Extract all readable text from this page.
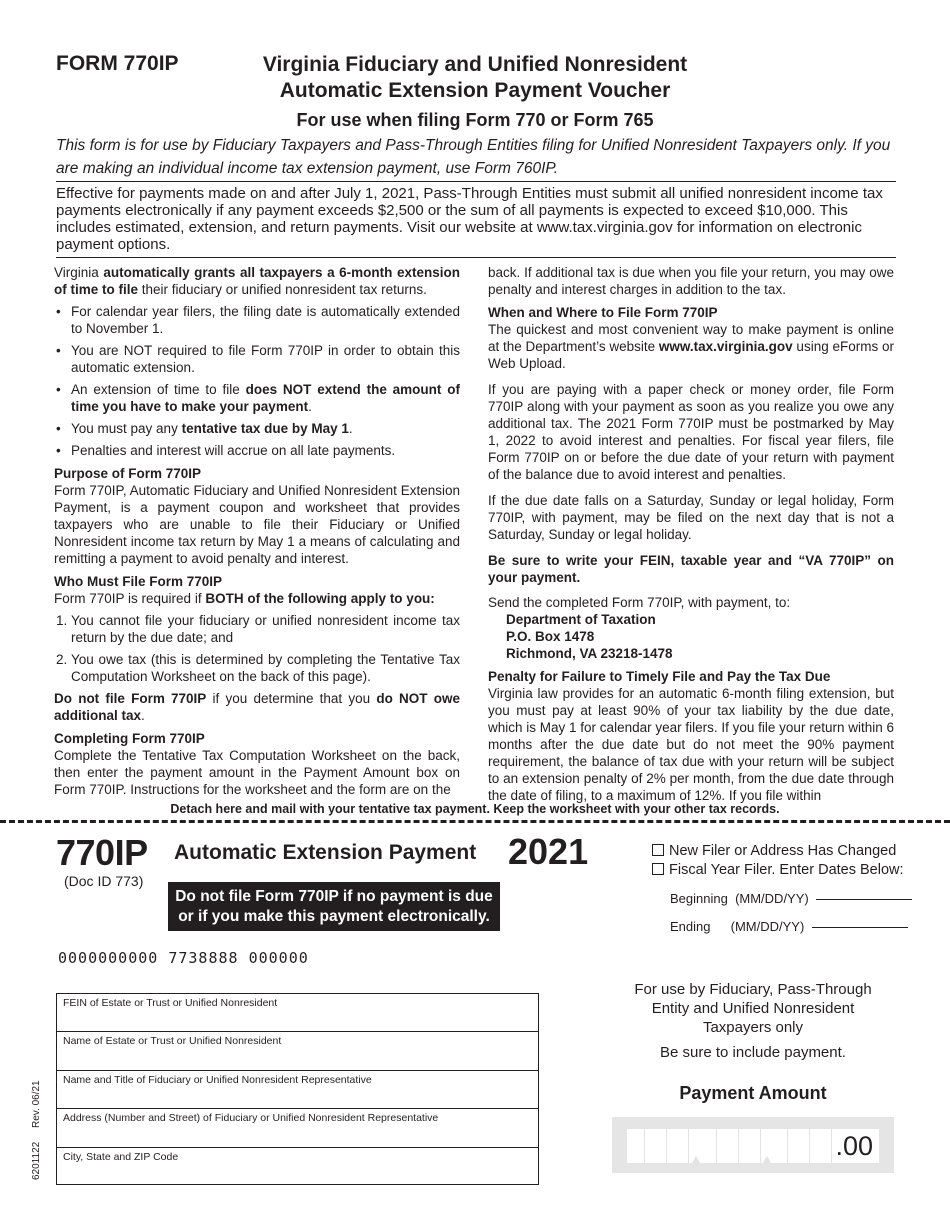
FORM 770IP	Virginia Fiduciary and Unified Nonresident
Automatic Extension Payment Voucher
For use when filing Form 770 or Form 765
This form is for use by Fiduciary Taxpayers and Pass-Through Entities filing for Unified Nonresident Taxpayers only. If you are making an individual income tax extension payment, use Form 760IP.
Effective for payments made on and after July 1, 2021, Pass-Through Entities must submit all unified nonresident income tax payments electronically if any payment exceeds $2,500 or the sum of all payments is expected to exceed $10,000. This includes estimated, extension, and return payments. Visit our website at www.tax.virginia.gov for information on electronic payment options.

Virginia automatically grants all taxpayers a 6-month extension of time to file their fiduciary or unified nonresident tax returns.

• For calendar year filers, the filing date is automatically extended to November 1.
• You are NOT required to file Form 770IP in order to obtain this automatic extension.
• An extension of time to file does NOT extend the amount of time you have to make your payment.
• You must pay any tentative tax due by May 1.
• Penalties and interest will accrue on all late payments.
Purpose of Form 770IP

Form 770IP, Automatic Fiduciary and Unified Nonresident Extension Payment, is a payment coupon and worksheet that provides taxpayers who are unable to file their Fiduciary or Unified Nonresident income tax return by May 1 a means of calculating and remitting a payment to avoid penalty and interest.

Who Must File Form 770IP

Form 770IP is required if BOTH of the following apply to you:

1. You cannot file your fiduciary or unified nonresident income tax return by the due date; and
2. You owe tax (this is determined by completing the Tentative Tax Computation Worksheet on the back of this page).

Do not file Form 770IP if you determine that you do NOT owe additional tax.

Completing Form 770IP

Complete the Tentative Tax Computation Worksheet on the back, then enter the payment amount in the Payment Amount box on Form 770IP. Instructions for the worksheet and the form are on the

back. If additional tax is due when you file your return, you may owe penalty and interest charges in addition to the tax.

When and Where to File Form 770IP

The quickest and most convenient way to make payment is online at the Department’s website www.tax.virginia.gov using eForms or Web Upload.

If you are paying with a paper check or money order, file Form 770IP along with your payment as soon as you realize you owe any additional tax. The 2021 Form 770IP must be postmarked by May 1, 2022 to avoid interest and penalties. For fiscal year filers, file Form 770IP on or before the due date of your return with payment of the balance due to avoid interest and penalties.

If the due date falls on a Saturday, Sunday or legal holiday, Form 770IP, with payment, may be filed on the next day that is not a Saturday, Sunday or legal holiday.

Be sure to write your FEIN, taxable year and “VA 770IP” on your payment.

Send the completed Form 770IP, with payment, to:

Department of Taxation
P.O. Box 1478
Richmond, VA 23218-1478
Penalty for Failure to Timely File and Pay the Tax Due

Virginia law provides for an automatic 6-month filing extension, but you must pay at least 90% of your tax liability by the due date, which is May 1 for calendar year filers. If you file your return within 6 months after the due date but do not meet the 90% payment requirement, the balance of tax due with your return will be subject to an extension penalty of 2% per month, from the due date through the date of filing, to a maximum of 12%. If you file within

Detach here and mail with your tentative tax payment. Keep the worksheet with your other tax records.
770IP
(Doc ID 773)
Automatic Extension Payment 2021
Do not file Form 770IP if no payment is due
or if you make this payment electronically.
0000000000 7738888 000000
New Filer or Address Has Changed
Fiscal Year Filer. Enter Dates Below:
Beginning (MM/DD/YY)
Ending (MM/DD/YY)
FEIN of Estate or Trust or Unified Nonresident
Name of Estate or Trust or Unified Nonresident
Name and Title of Fiduciary or Unified Nonresident Representative
Address (Number and Street) of Fiduciary or Unified Nonresident Representative
City, State and ZIP Code
Rev. 06/21
6201122
For use by Fiduciary, Pass-Through
Entity and Unified Nonresident
Taxpayers only
Be sure to include payment.
Payment Amount
.00
